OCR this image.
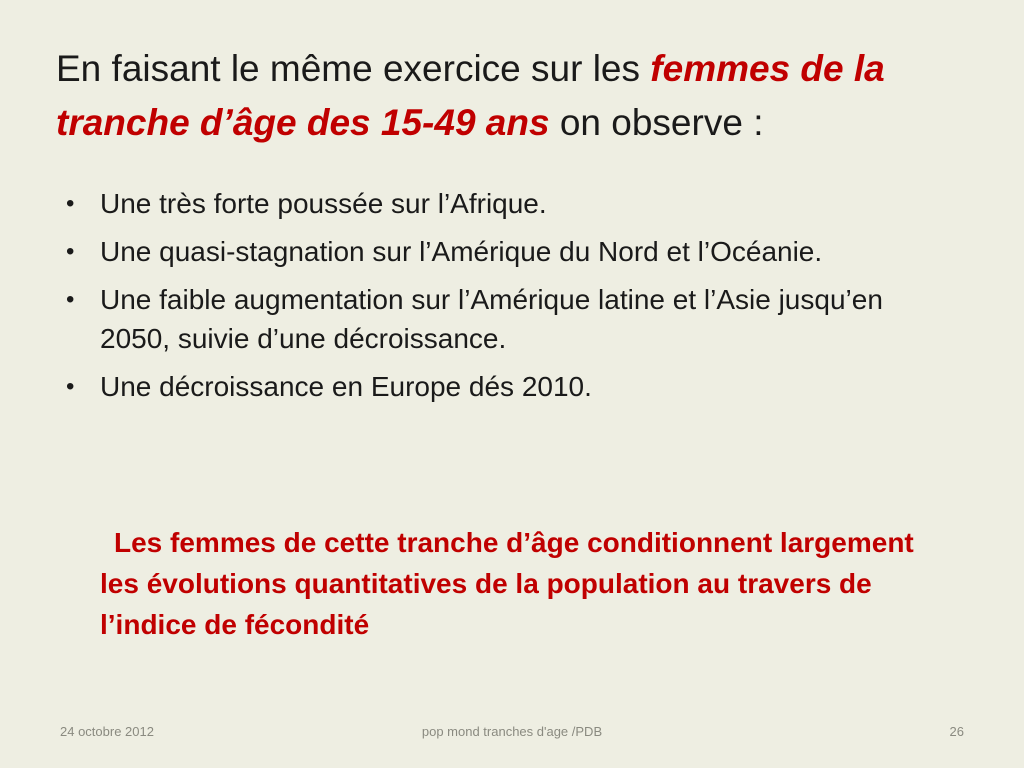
En faisant le même exercice sur les femmes de la tranche d’âge des 15-49 ans on observe :
• Une très forte poussée sur l’Afrique.
• Une quasi-stagnation sur l’Amérique du Nord et l’Océanie.
• Une faible augmentation sur l’Amérique latine et l’Asie jusqu’en 2050, suivie d’une décroissance.
• Une décroissance en Europe dés 2010.
Les femmes de cette tranche d’âge conditionnent largement les évolutions quantitatives de la population au travers de l’indice de fécondité
24 octobre 2012	pop mond tranches d'age /PDB	26
